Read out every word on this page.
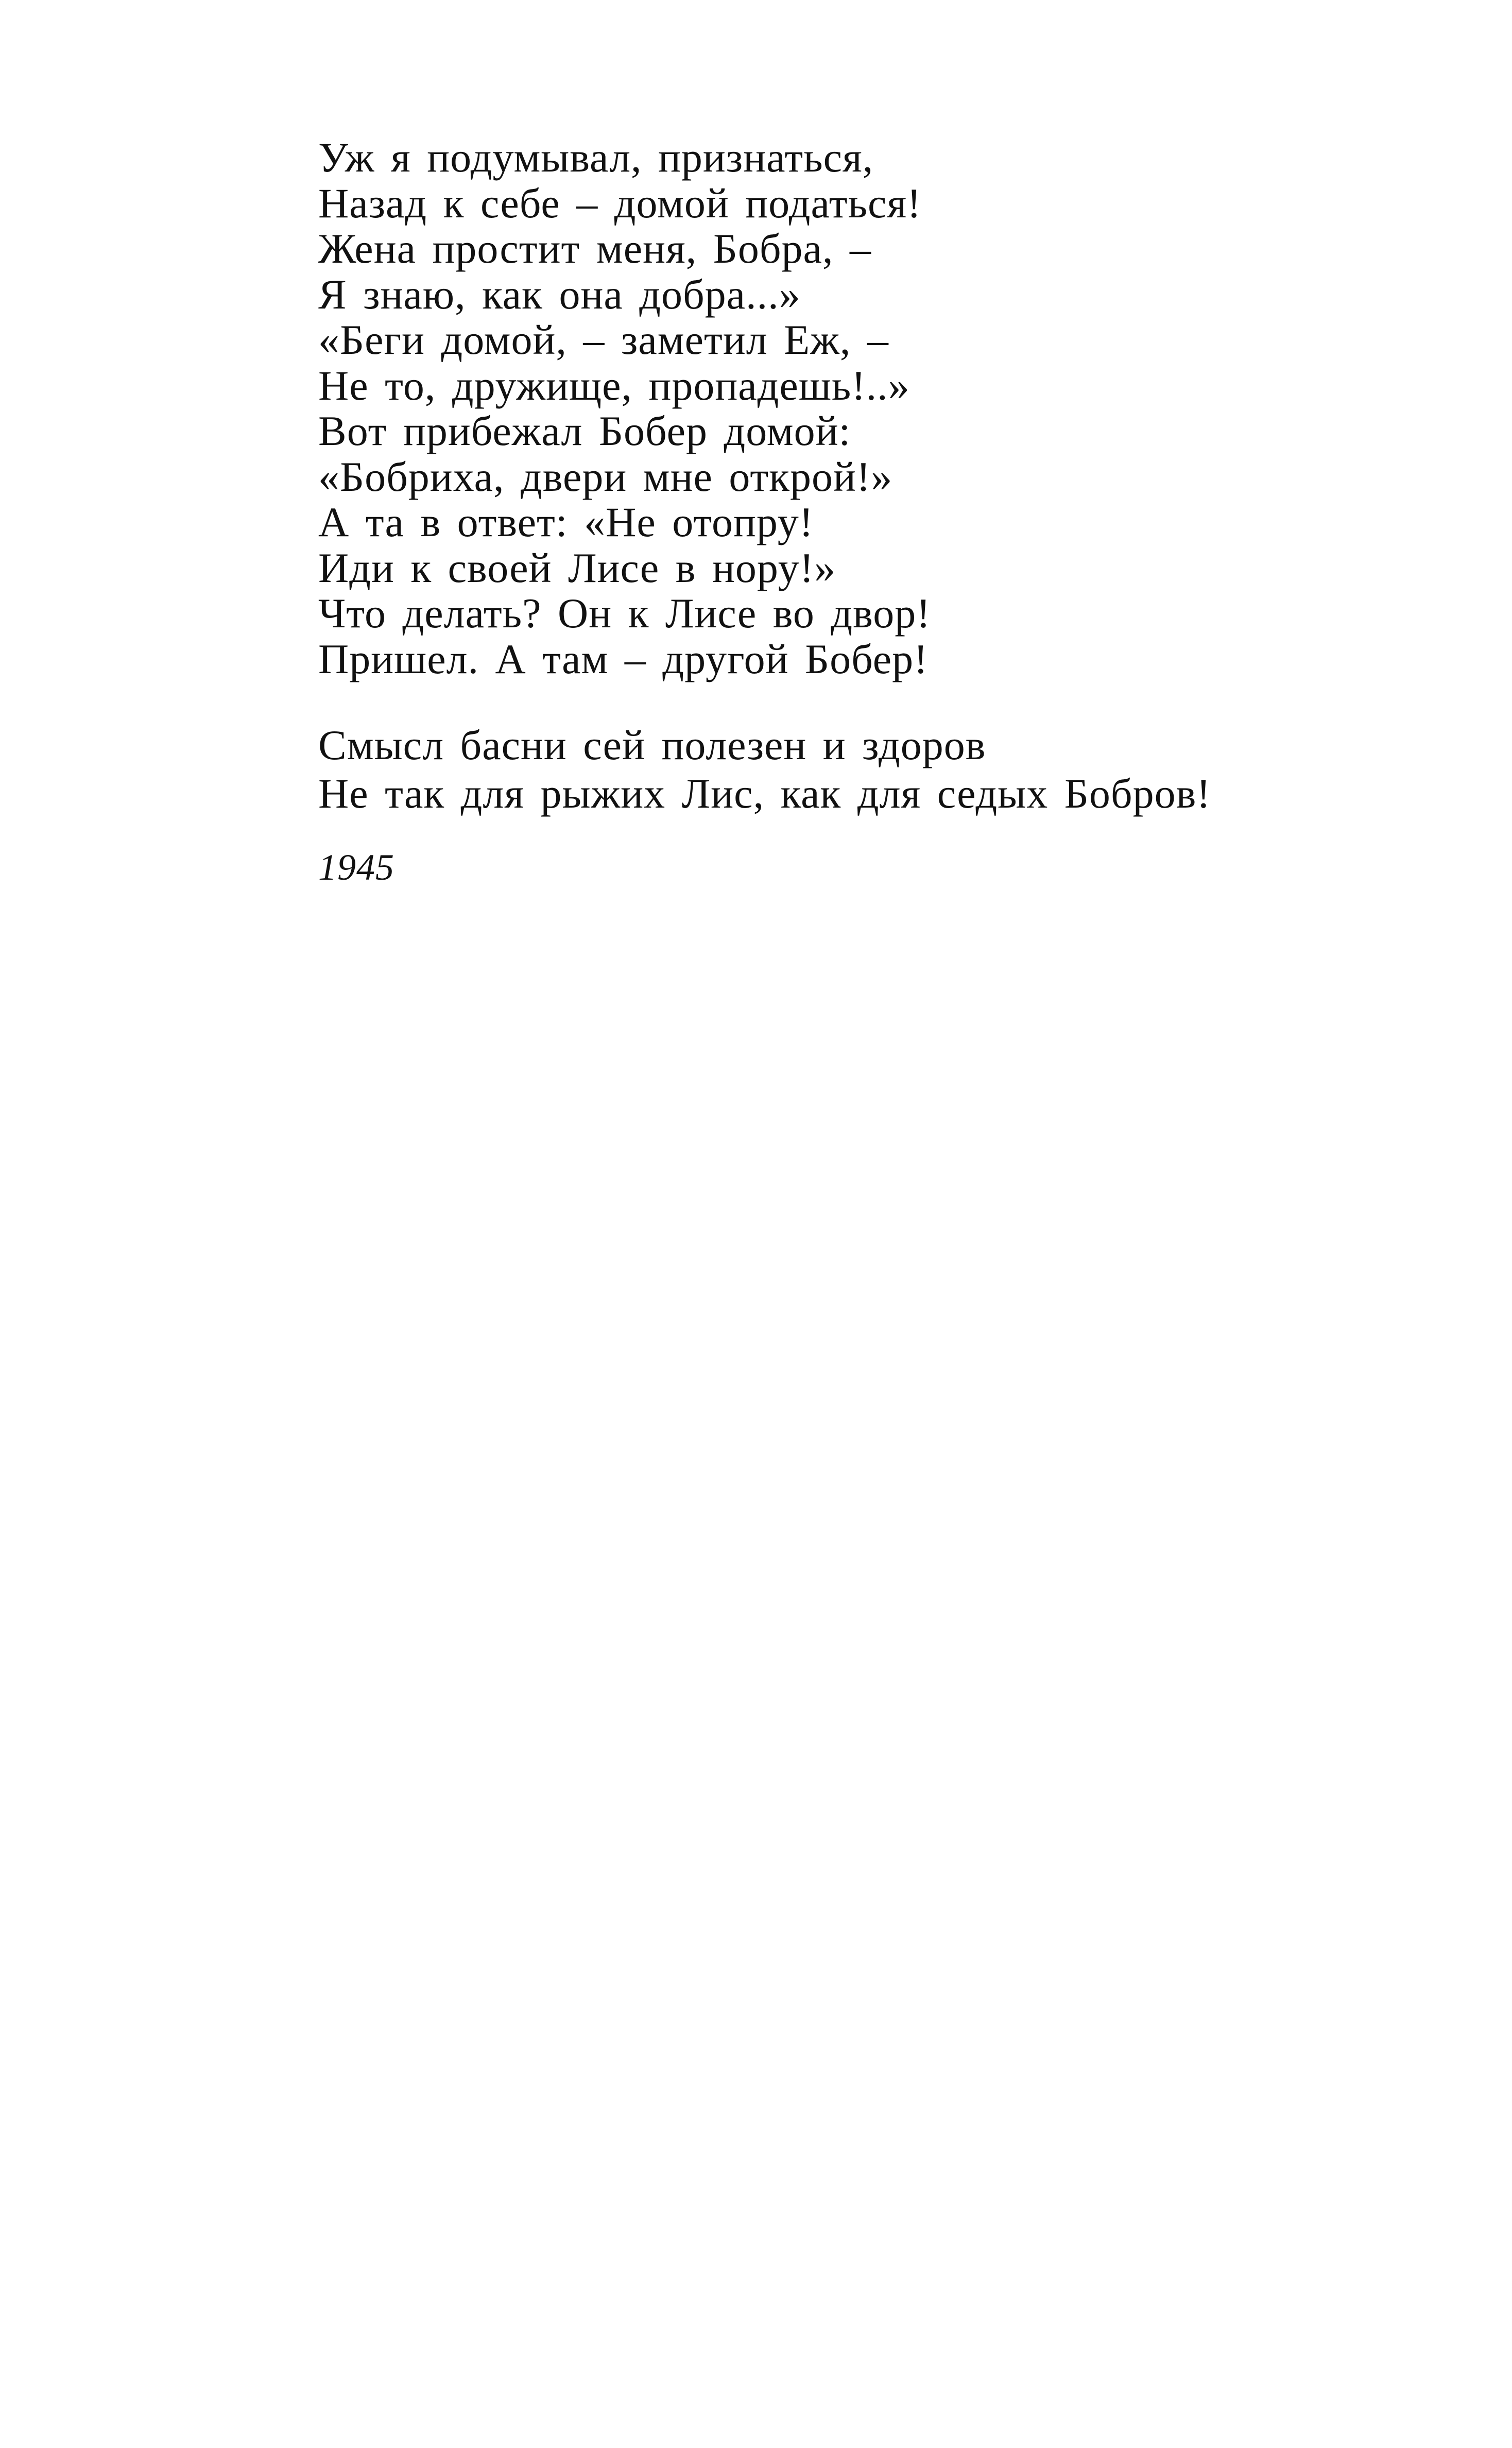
Уж я подумывал, признаться,
Назад к себе – домой податься!
Жена простит меня, Бобра, –
Я знаю, как она добра...»
«Беги домой, – заметил Еж, –
Не то, дружище, пропадешь!..»
Вот прибежал Бобер домой:
«Бобриха, двери мне открой!»
А та в ответ: «Не отопру!
Иди к своей Лисе в нору!»
Что делать? Он к Лисе во двор!
Пришел. А там – другой Бобер!
Смысл басни сей полезен и здоров
Не так для рыжих Лис, как для седых Бобров!
1945
